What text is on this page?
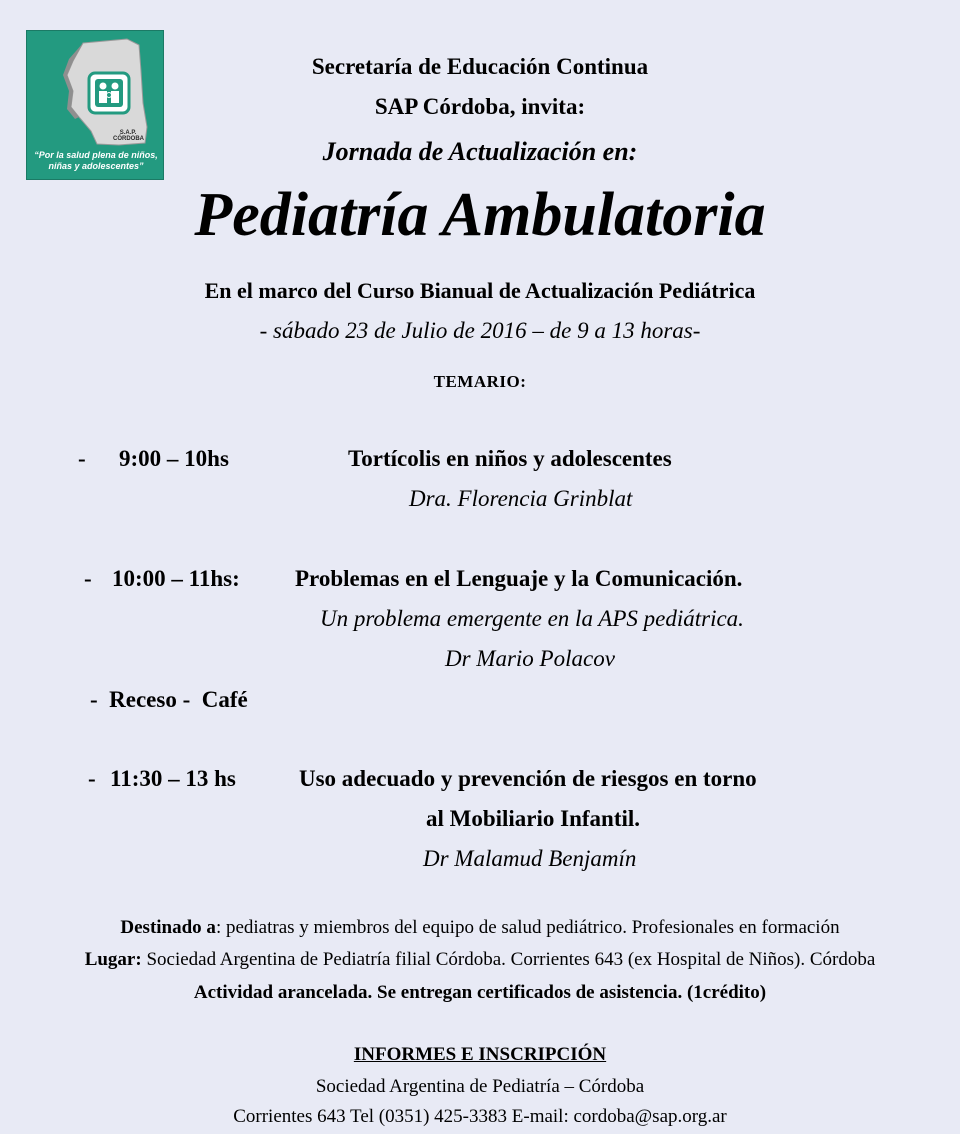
S.A.P. CÓRDOBA
“Por la salud plena de niños, niñas y adolescentes”
Secretaría de Educación Continua
SAP Córdoba, invita:
Jornada de Actualización en:
Pediatría Ambulatoria
En el marco del Curso Bianual de Actualización Pediátrica
- sábado 23 de Julio de 2016 – de 9 a 13 horas-
TEMARIO:
- 9:00 – 10hs	Tortícolis en niños y adolescentes
Dra. Florencia Grinblat
- 10:00 – 11hs: Problemas en el Lenguaje y la Comunicación.
Un problema emergente en la APS pediátrica.
Dr Mario Polacov
-  Receso -  Café
- 11:30 – 13 hs	Uso adecuado y prevención de riesgos en torno
al Mobiliario Infantil.
Dr Malamud Benjamín
Destinado a: pediatras y miembros del equipo de salud pediátrico. Profesionales en formación
Lugar: Sociedad Argentina de Pediatría filial Córdoba. Corrientes 643 (ex Hospital de Niños). Córdoba
Actividad arancelada. Se entregan certificados de asistencia. (1crédito)
INFORMES E INSCRIPCIÓN
Sociedad Argentina de Pediatría – Córdoba
Corrientes 643 Tel (0351) 425-3383 E-mail: cordoba@sap.org.ar
